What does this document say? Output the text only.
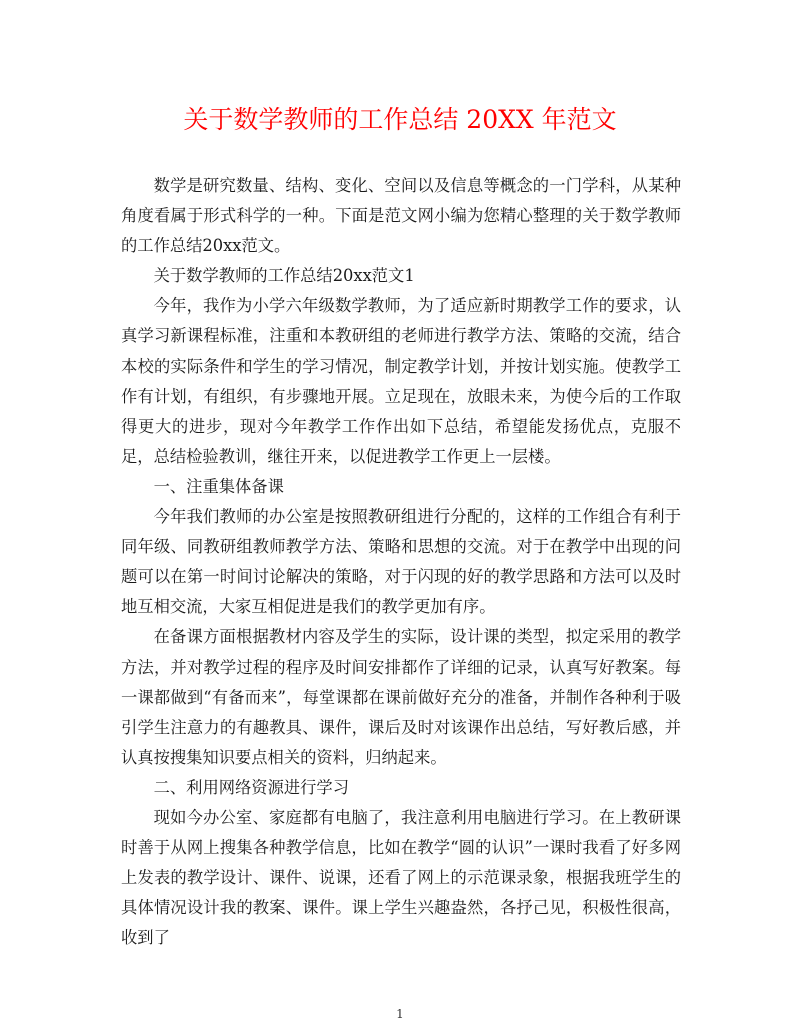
关于数学教师的工作总结 20XX 年范文

数学是研究数量、结构、变化、空间以及信息等概念的一门学科，从某种角度看属于形式科学的一种。下面是范文网小编为您精心整理的关于数学教师的工作总结20xx范文。

关于数学教师的工作总结20xx范文1

今年，我作为小学六年级数学教师，为了适应新时期教学工作的要求，认真学习新课程标准，注重和本教研组的老师进行教学方法、策略的交流，结合本校的实际条件和学生的学习情况，制定教学计划，并按计划实施。使教学工作有计划，有组织，有步骤地开展。立足现在，放眼未来，为使今后的工作取得更大的进步，现对今年教学工作作出如下总结，希望能发扬优点，克服不足，总结检验教训，继往开来，以促进教学工作更上一层楼。

一、注重集体备课

今年我们教师的办公室是按照教研组进行分配的，这样的工作组合有利于同年级、同教研组教师教学方法、策略和思想的交流。对于在教学中出现的问题可以在第一时间讨论解决的策略，对于闪现的好的教学思路和方法可以及时地互相交流，大家互相促进是我们的教学更加有序。

在备课方面根据教材内容及学生的实际，设计课的类型，拟定采用的教学方法，并对教学过程的程序及时间安排都作了详细的记录，认真写好教案。每一课都做到“有备而来”，每堂课都在课前做好充分的准备，并制作各种利于吸引学生注意力的有趣教具、课件，课后及时对该课作出总结，写好教后感，并认真按搜集知识要点相关的资料，归纳起来。

二、利用网络资源进行学习

现如今办公室、家庭都有电脑了，我注意利用电脑进行学习。在上教研课时善于从网上搜集各种教学信息，比如在教学“圆的认识”一课时我看了好多网上发表的教学设计、课件、说课，还看了网上的示范课录象，根据我班学生的具体情况设计我的教案、课件。课上学生兴趣盎然，各抒己见，积极性很高，收到了

1
